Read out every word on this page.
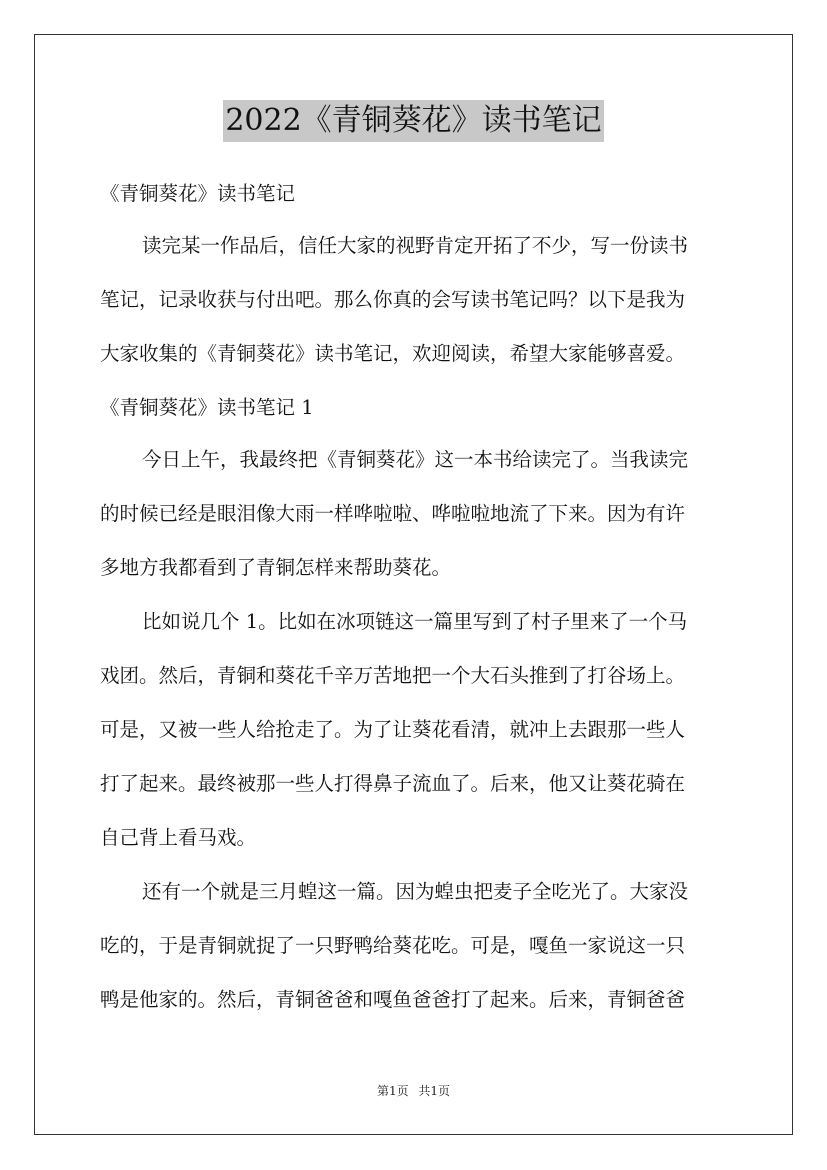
2022《青铜葵花》读书笔记
《青铜葵花》读书笔记
读完某一作品后，信任大家的视野肯定开拓了不少，写一份读书
笔记，记录收获与付出吧。那么你真的会写读书笔记吗？以下是我为
大家收集的《青铜葵花》读书笔记，欢迎阅读，希望大家能够喜爱。
《青铜葵花》读书笔记 1
今日上午，我最终把《青铜葵花》这一本书给读完了。当我读完
的时候已经是眼泪像大雨一样哗啦啦、哗啦啦地流了下来。因为有许
多地方我都看到了青铜怎样来帮助葵花。
比如说几个 1。比如在冰项链这一篇里写到了村子里来了一个马
戏团。然后，青铜和葵花千辛万苦地把一个大石头推到了打谷场上。
可是，又被一些人给抢走了。为了让葵花看清，就冲上去跟那一些人
打了起来。最终被那一些人打得鼻子流血了。后来，他又让葵花骑在
自己背上看马戏。
还有一个就是三月蝗这一篇。因为蝗虫把麦子全吃光了。大家没
吃的，于是青铜就捉了一只野鸭给葵花吃。可是，嘎鱼一家说这一只
鸭是他家的。然后，青铜爸爸和嘎鱼爸爸打了起来。后来，青铜爸爸
第1页 共1页
